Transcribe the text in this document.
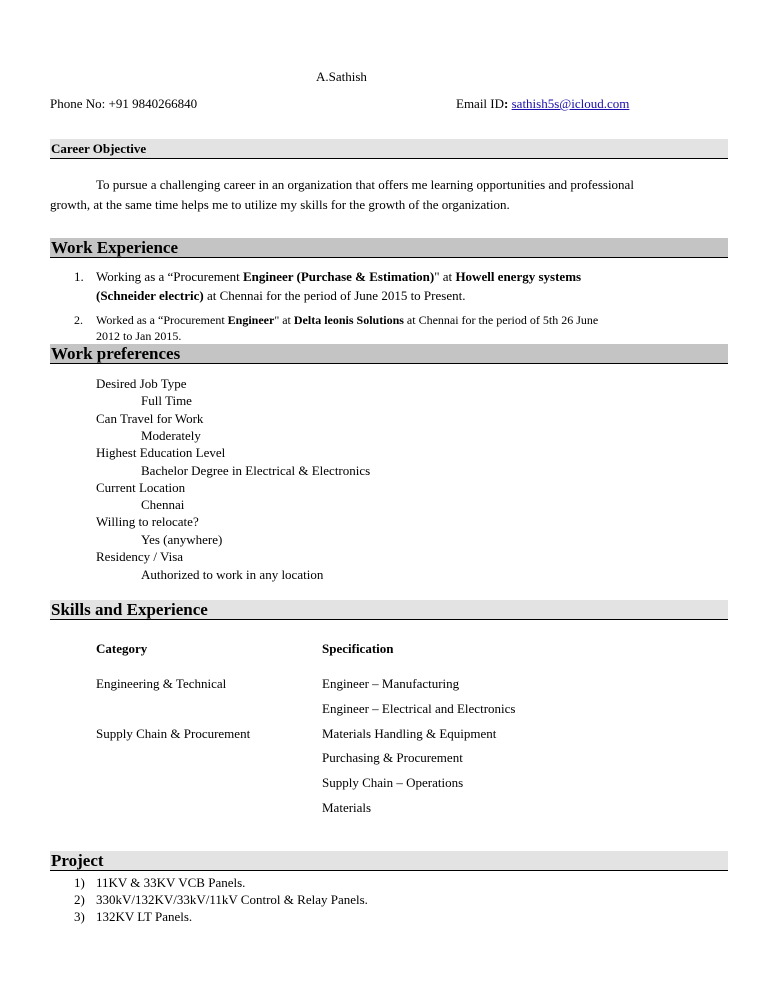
A.Sathish
Phone No: +91 9840266840	Email ID: sathish5s@icloud.com
Career Objective
To pursue a challenging career in an organization that offers me learning opportunities and professional
growth, at the same time helps me to utilize my skills for the growth of the organization.
Work Experience
1. Working as a “Procurement Engineer (Purchase & Estimation)" at Howell energy systems
(Schneider electric) at Chennai for the period of June 2015 to Present.
2. Worked as a “Procurement Engineer" at Delta leonis Solutions at Chennai for the period of 5th 26 June
2012 to Jan 2015.
Work preferences
Desired Job Type
Full Time
Can Travel for Work
Moderately
Highest Education Level
Bachelor Degree in Electrical & Electronics
Current Location
Chennai
Willing to relocate?
Yes (anywhere)
Residency / Visa
Authorized to work in any location
Skills and Experience
Category	Specification
Engineering & Technical	Engineer – Manufacturing
Engineer – Electrical and Electronics
Supply Chain & Procurement	Materials Handling & Equipment
Purchasing & Procurement
Supply Chain – Operations
Materials
Project
1) 11KV & 33KV VCB Panels.
2) 330kV/132KV/33kV/11kV Control & Relay Panels.
3) 132KV LT Panels.
